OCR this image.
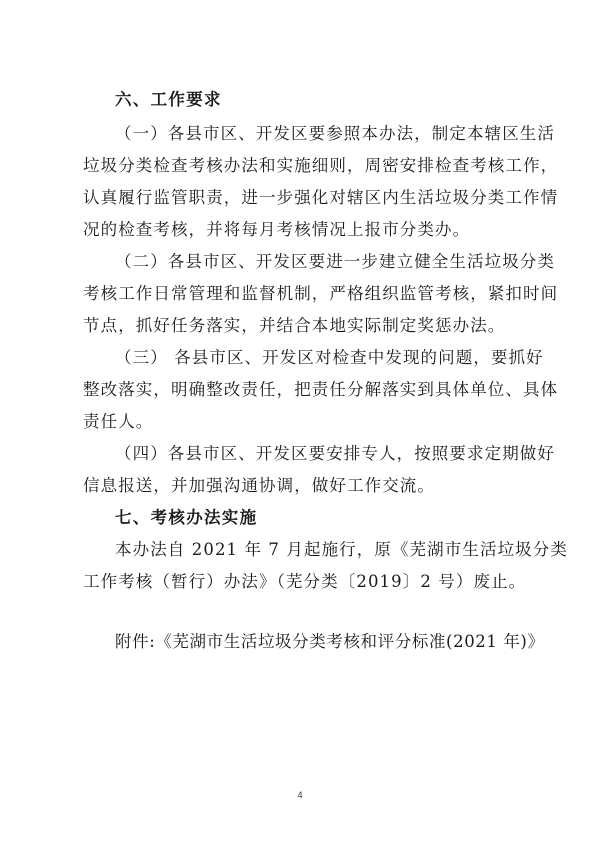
六、工作要求
（一）各县市区、开发区要参照本办法，制定本辖区生活
垃圾分类检查考核办法和实施细则，周密安排检查考核工作，
认真履行监管职责，进一步强化对辖区内生活垃圾分类工作情
况的检查考核，并将每月考核情况上报市分类办。
（二）各县市区、开发区要进一步建立健全生活垃圾分类
考核工作日常管理和监督机制，严格组织监管考核，紧扣时间
节点，抓好任务落实，并结合本地实际制定奖惩办法。
（三） 各县市区、开发区对检查中发现的问题，要抓好
整改落实，明确整改责任，把责任分解落实到具体单位、具体
责任人。
（四）各县市区、开发区要安排专人，按照要求定期做好
信息报送，并加强沟通协调，做好工作交流。
七、考核办法实施
本办法自 2021 年 7 月起施行，原《芜湖市生活垃圾分类
工作考核（暂行）办法》（芜分类〔2019〕2 号）废止。
附件:《芜湖市生活垃圾分类考核和评分标准(2021 年)》
4
